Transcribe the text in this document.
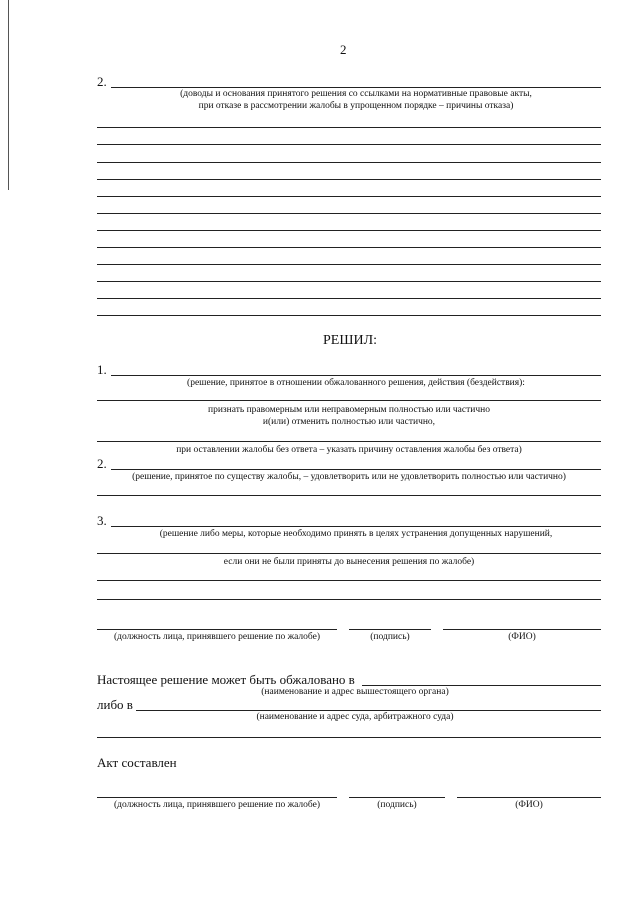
2
2.
(доводы и основания принятого решения со ссылками на нормативные правовые акты,
при отказе в рассмотрении жалобы в упрощенном порядке – причины отказа)
РЕШИЛ:
1.
(решение, принятое в отношении обжалованного решения, действия (бездействия):
признать правомерным или неправомерным полностью или частично
и(или) отменить полностью или частично,
при оставлении жалобы без ответа – указать причину оставления жалобы без ответа)
2.
(решение, принятое по существу жалобы, – удовлетворить или не удовлетворить полностью или частично)
3.
(решение либо меры, которые необходимо принять в целях устранения допущенных нарушений,
если они не были приняты до вынесения решения по жалобе)
(должность лица, принявшего решение по жалобе)	(подпись)	(ФИО)
Настоящее решение может быть обжаловано в
(наименование и адрес вышестоящего органа)
либо в
(наименование и адрес суда, арбитражного суда)
Акт составлен
(должность лица, принявшего решение по жалобе)	(подпись)	(ФИО)
